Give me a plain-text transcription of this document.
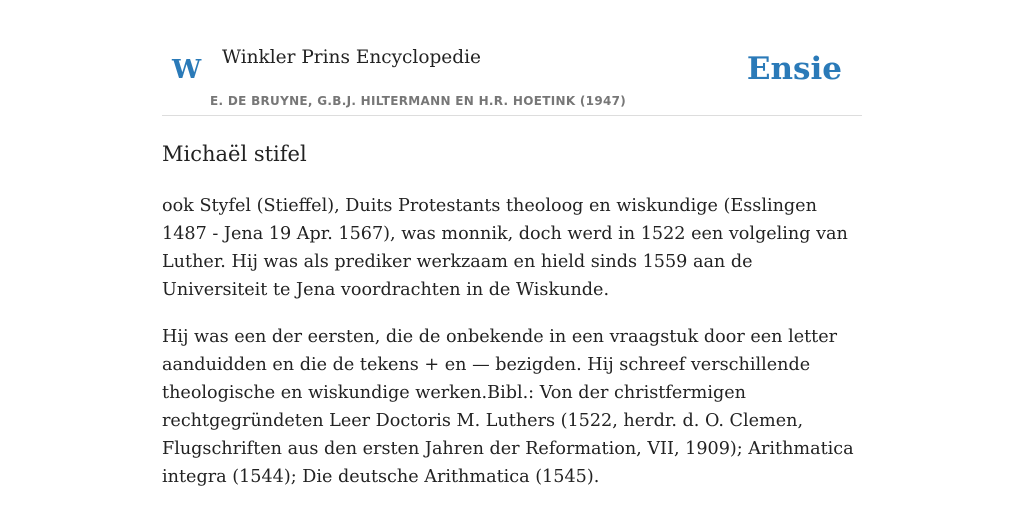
W Winkler Prins Encyclopedie
E. DE BRUYNE, G.B.J. HILTERMANN EN H.R. HOETINK (1947)
Ensie
Michaël stifel

ook Styfel (Stieffel), Duits Protestants theoloog en wiskundige (Esslingen 1487 - Jena 19 Apr. 1567), was monnik, doch werd in 1522 een volgeling van Luther. Hij was als prediker werkzaam en hield sinds 1559 aan de Universiteit te Jena voordrachten in de Wiskunde.

Hij was een der eersten, die de onbekende in een vraagstuk door een letter aanduidden en die de tekens + en — bezigden. Hij schreef verschillende theologische en wiskundige werken.Bibl.: Von der christfermigen rechtgegründeten Leer Doctoris M. Luthers (1522, herdr. d. O. Clemen, Flugschriften aus den ersten Jahren der Reformation, VII, 1909); Arithmatica integra (1544); Die deutsche Arithmatica (1545).
